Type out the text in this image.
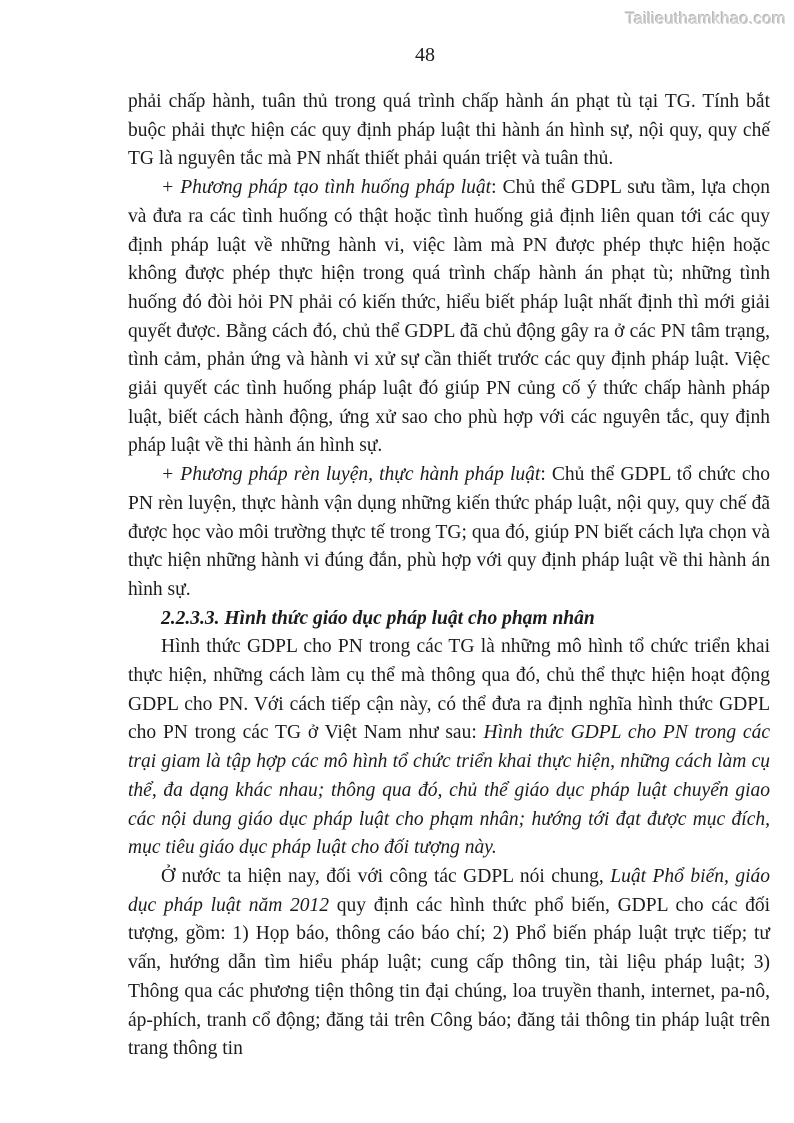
Tailieuthamkhao.com
48

phải chấp hành, tuân thủ trong quá trình chấp hành án phạt tù tại TG. Tính bắt buộc phải thực hiện các quy định pháp luật thi hành án hình sự, nội quy, quy chế TG là nguyên tắc mà PN nhất thiết phải quán triệt và tuân thủ.

+ Phương pháp tạo tình huống pháp luật: Chủ thể GDPL sưu tầm, lựa chọn và đưa ra các tình huống có thật hoặc tình huống giả định liên quan tới các quy định pháp luật về những hành vi, việc làm mà PN được phép thực hiện hoặc không được phép thực hiện trong quá trình chấp hành án phạt tù; những tình huống đó đòi hỏi PN phải có kiến thức, hiểu biết pháp luật nhất định thì mới giải quyết được. Bằng cách đó, chủ thể GDPL đã chủ động gây ra ở các PN tâm trạng, tình cảm, phản ứng và hành vi xử sự cần thiết trước các quy định pháp luật. Việc giải quyết các tình huống pháp luật đó giúp PN củng cố ý thức chấp hành pháp luật, biết cách hành động, ứng xử sao cho phù hợp với các nguyên tắc, quy định pháp luật về thi hành án hình sự.

+ Phương pháp rèn luyện, thực hành pháp luật: Chủ thể GDPL tổ chức cho PN rèn luyện, thực hành vận dụng những kiến thức pháp luật, nội quy, quy chế đã được học vào môi trường thực tế trong TG; qua đó, giúp PN biết cách lựa chọn và thực hiện những hành vi đúng đắn, phù hợp với quy định pháp luật về thi hành án hình sự.

2.2.3.3. Hình thức giáo dục pháp luật cho phạm nhân

Hình thức GDPL cho PN trong các TG là những mô hình tổ chức triển khai thực hiện, những cách làm cụ thể mà thông qua đó, chủ thể thực hiện hoạt động GDPL cho PN. Với cách tiếp cận này, có thể đưa ra định nghĩa hình thức GDPL cho PN trong các TG ở Việt Nam như sau: Hình thức GDPL cho PN trong các trại giam là tập hợp các mô hình tổ chức triển khai thực hiện, những cách làm cụ thể, đa dạng khác nhau; thông qua đó, chủ thể giáo dục pháp luật chuyển giao các nội dung giáo dục pháp luật cho phạm nhân; hướng tới đạt được mục đích, mục tiêu giáo dục pháp luật cho đối tượng này.

Ở nước ta hiện nay, đối với công tác GDPL nói chung, Luật Phổ biến, giáo dục pháp luật năm 2012 quy định các hình thức phổ biến, GDPL cho các đối tượng, gồm: 1) Họp báo, thông cáo báo chí; 2) Phổ biến pháp luật trực tiếp; tư vấn, hướng dẫn tìm hiểu pháp luật; cung cấp thông tin, tài liệu pháp luật; 3) Thông qua các phương tiện thông tin đại chúng, loa truyền thanh, internet, pa-nô, áp-phích, tranh cổ động; đăng tải trên Công báo; đăng tải thông tin pháp luật trên trang thông tin
